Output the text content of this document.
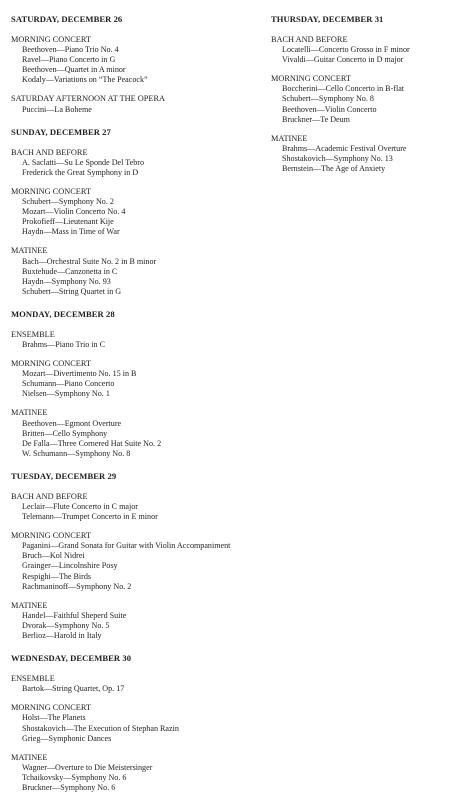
SATURDAY, DECEMBER 26
MORNING CONCERT
Beethoven—Piano Trio No. 4
Ravel—Piano Concerto in G
Beethoven—Quartet in A minor
Kodaly—Variations on “The Peacock”
SATURDAY AFTERNOON AT THE OPERA
Puccini—La Boheme
SUNDAY, DECEMBER 27
BACH AND BEFORE
A. Saclatti—Su Le Sponde Del Tebro
Frederick the Great Symphony in D
MORNING CONCERT
Schubert—Symphony No. 2
Mozart—Violin Concerto No. 4
Prokofieff—Lieutenant Kije
Haydn—Mass in Time of War
MATINEE
Bach—Orchestral Suite No. 2 in B minor
Buxtehude—Canzonetta in C
Haydn—Symphony No. 93
Schubert—String Quartet in G
MONDAY, DECEMBER 28
ENSEMBLE
Brahms—Piano Trio in C
MORNING CONCERT
Mozart—Divertimento No. 15 in B
Schumann—Piano Concerto
Nielsen—Symphony No. 1
MATINEE
Beethoven—Egmont Overture
Britten—Cello Symphony
De Falla—Three Cornered Hat Suite No. 2
W. Schumann—Symphony No. 8
TUESDAY, DECEMBER 29
BACH AND BEFORE
Leclair—Flute Concerto in C major
Telemann—Trumpet Concerto in E minor
MORNING CONCERT
Paganini—Grand Sonata for Guitar with Violin Accompaniment
Bruch—Kol Nidrei
Grainger—Lincolnshire Posy
Respighi—The Birds
Rachmaninoff—Symphony No. 2
MATINEE
Handel—Faithful Sheperd Suite
Dvorak—Symphony No. 5
Berlioz—Harold in Italy
WEDNESDAY, DECEMBER 30
ENSEMBLE
Bartok—String Quartet, Op. 17
MORNING CONCERT
Holst—The Planets
Shostakovich—The Execution of Stephan Razin
Grieg—Symphonic Dances
MATINEE
Wagner—Overture to Die Meistersinger
Tchaikovsky—Symphony No. 6
Bruckner—Symphony No. 6
THURSDAY, DECEMBER 31
BACH AND BEFORE
Locatelli—Concerto Grosso in F minor
Vivaldi—Guitar Concerto in D major
MORNING CONCERT
Boccherini—Cello Concerto in B-flat
Schubert—Symphony No. 8
Beethoven—Violin Concerto
Bruckner—Te Deum
MATINEE
Brahms—Academic Festival Overture
Shostakovich—Symphony No. 13
Bernstein—The Age of Anxiety
